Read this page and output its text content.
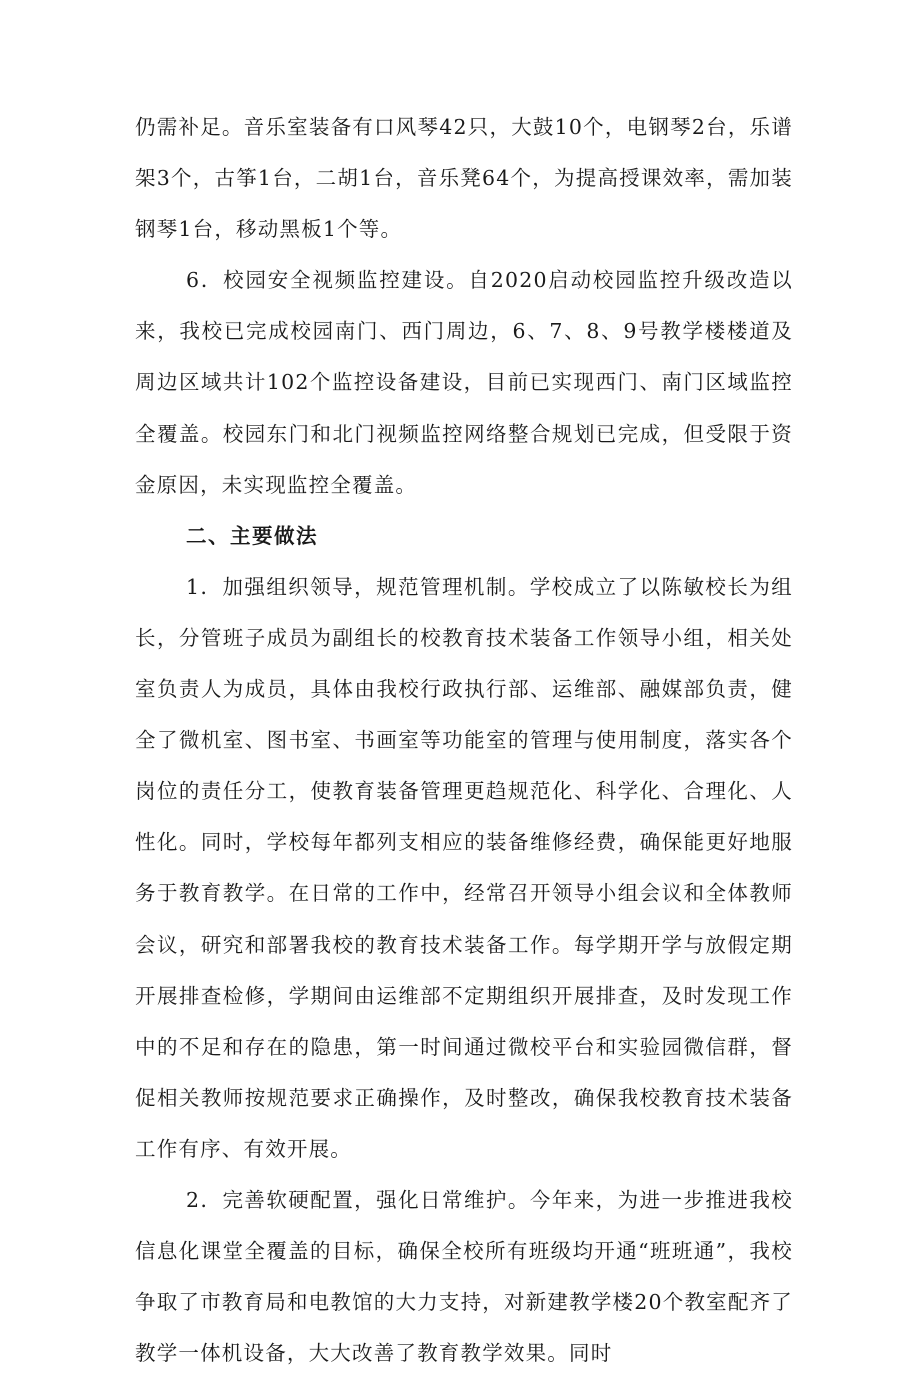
仍需补足。音乐室装备有口风琴42只，大鼓10个，电钢琴2台，乐谱架3个，古筝1台，二胡1台，音乐凳64个，为提高授课效率，需加装钢琴1台，移动黑板1个等。

6．校园安全视频监控建设。自2020启动校园监控升级改造以来，我校已完成校园南门、西门周边，6、7、8、9号教学楼楼道及周边区域共计102个监控设备建设，目前已实现西门、南门区域监控全覆盖。校园东门和北门视频监控网络整合规划已完成，但受限于资金原因，未实现监控全覆盖。

二、主要做法

1．加强组织领导，规范管理机制。学校成立了以陈敏校长为组长，分管班子成员为副组长的校教育技术装备工作领导小组，相关处室负责人为成员，具体由我校行政执行部、运维部、融媒部负责，健全了微机室、图书室、书画室等功能室的管理与使用制度，落实各个岗位的责任分工，使教育装备管理更趋规范化、科学化、合理化、人性化。同时，学校每年都列支相应的装备维修经费，确保能更好地服务于教育教学。在日常的工作中，经常召开领导小组会议和全体教师会议，研究和部署我校的教育技术装备工作。每学期开学与放假定期开展排查检修，学期间由运维部不定期组织开展排查，及时发现工作中的不足和存在的隐患，第一时间通过微校平台和实验园微信群，督促相关教师按规范要求正确操作，及时整改，确保我校教育技术装备工作有序、有效开展。

2．完善软硬配置，强化日常维护。今年来，为进一步推进我校信息化课堂全覆盖的目标，确保全校所有班级均开通“班班通”，我校争取了市教育局和电教馆的大力支持，对新建教学楼20个教室配齐了教学一体机设备，大大改善了教育教学效果。同时
